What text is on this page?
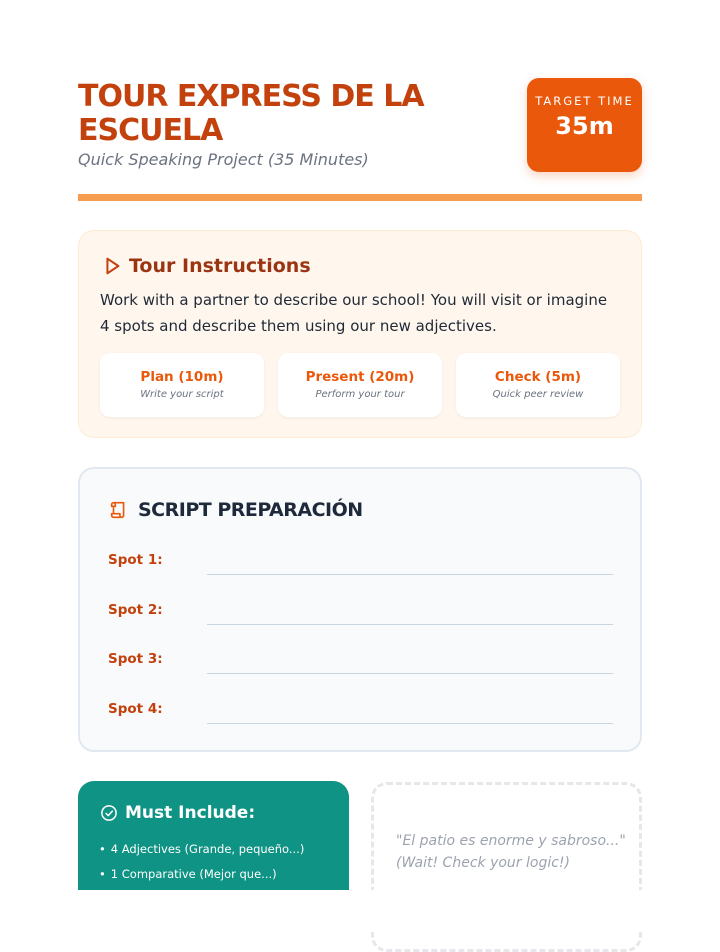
TOUR EXPRESS DE LA ESCUELA
Quick Speaking Project (35 Minutes)
TARGET TIME
35m
Tour Instructions

Work with a partner to describe our school! You will visit or imagine 4 spots and describe them using our new adjectives.

Plan (10m)
Write your script
Present (20m)
Perform your tour
Check (5m)
Quick peer review
SCRIPT PREPARACIÓN
Spot 1:
Spot 2:
Spot 3:
Spot 4:
Must Include:
• 4 Adjectives (Grande, pequeño...)
• 1 Comparative (Mejor que...)
"El patio es enorme y sabroso..."
(Wait! Check your logic!)
